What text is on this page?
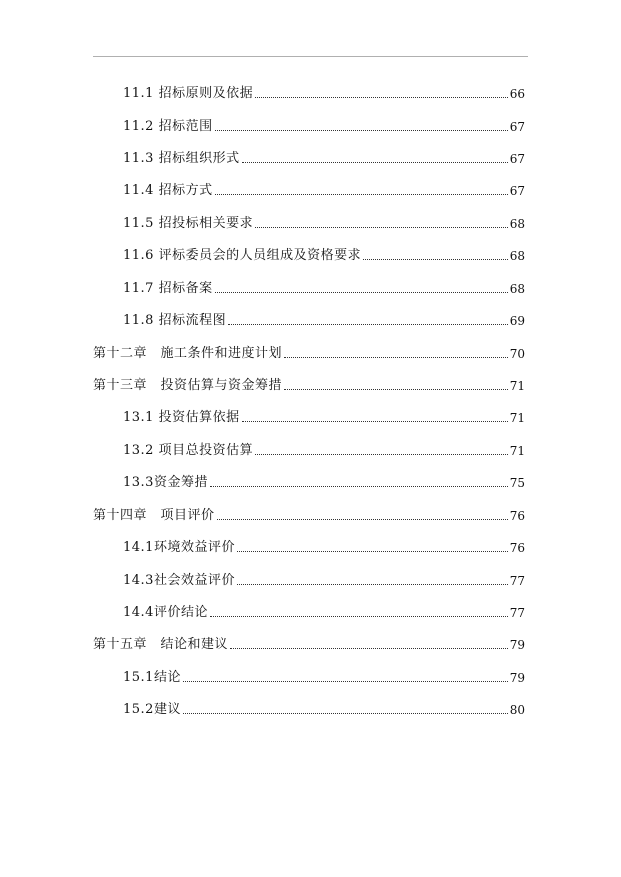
11.1 招标原则及依据	66
11.2 招标范围	67
11.3 招标组织形式	67
11.4 招标方式	67
11.5 招投标相关要求	68
11.6 评标委员会的人员组成及资格要求	68
11.7 招标备案	68
11.8 招标流程图	69
第十二章　施工条件和进度计划	70
第十三章　投资估算与资金筹措	71
13.1 投资估算依据	71
13.2 项目总投资估算	71
13.3资金筹措	75
第十四章　项目评价	76
14.1环境效益评价	76
14.3社会效益评价	77
14.4评价结论	77
第十五章　结论和建议	79
15.1结论	79
15.2建议	80
